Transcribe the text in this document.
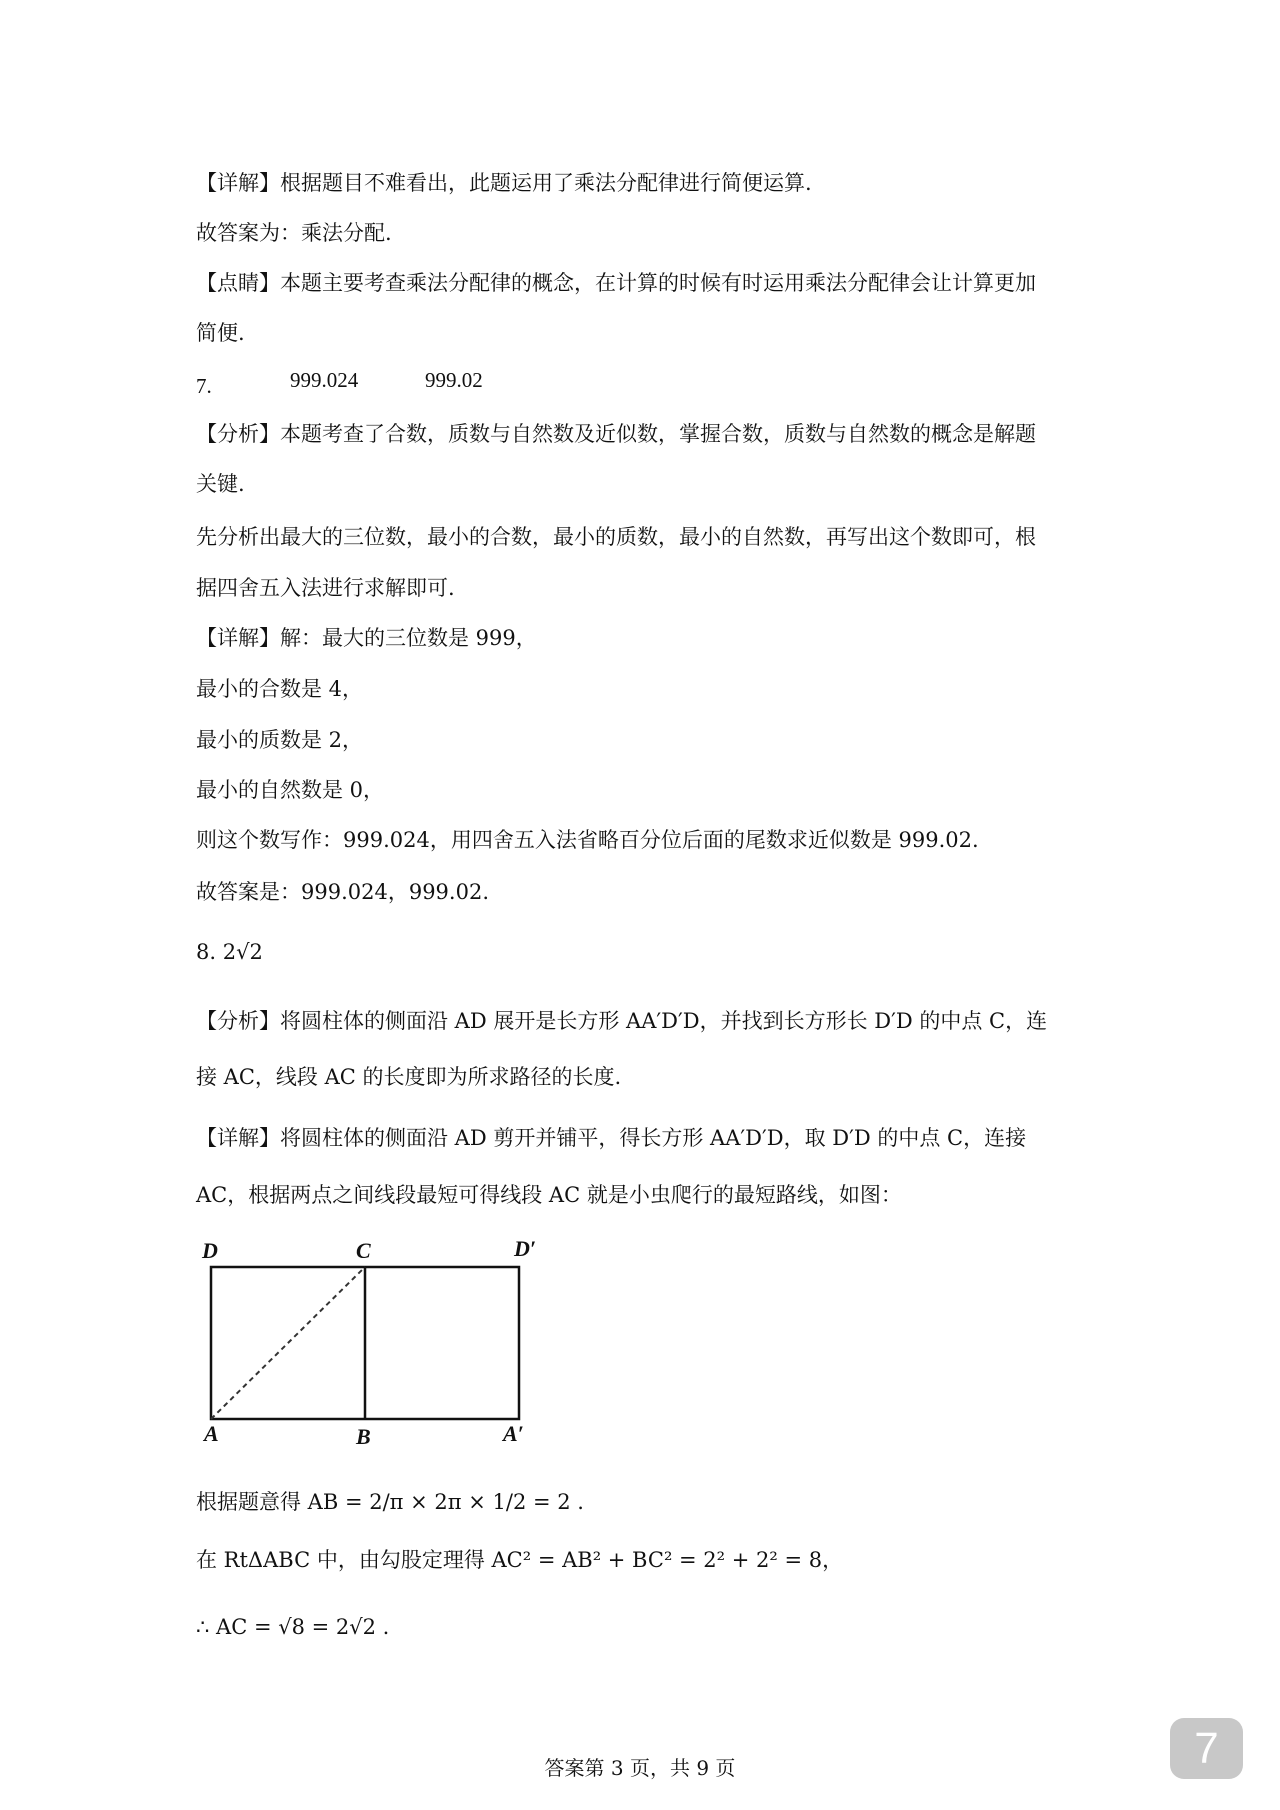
【详解】根据题目不难看出，此题运用了乘法分配律进行简便运算.
故答案为：乘法分配.
【点睛】本题主要考查乘法分配律的概念，在计算的时候有时运用乘法分配律会让计算更加
简便.
7.	999.024	999.02
【分析】本题考查了合数，质数与自然数及近似数，掌握合数，质数与自然数的概念是解题
关键.
先分析出最大的三位数，最小的合数，最小的质数，最小的自然数，再写出这个数即可，根
据四舍五入法进行求解即可.
【详解】解：最大的三位数是 999，
最小的合数是 4，
最小的质数是 2，
最小的自然数是 0，
则这个数写作：999.024，用四舍五入法省略百分位后面的尾数求近似数是 999.02.
故答案是：999.024，999.02.
8. 2√2
【分析】将圆柱体的侧面沿 AD 展开是长方形 AA′D′D，并找到长方形长 D′D 的中点 C，连
接 AC，线段 AC 的长度即为所求路径的长度.
【详解】将圆柱体的侧面沿 AD 剪开并铺平，得长方形 AA′D′D，取 D′D 的中点 C，连接
AC，根据两点之间线段最短可得线段 AC 就是小虫爬行的最短路线，如图：
D	C	D′
A	B	A′
根据题意得 AB = 2/π × 2π × 1/2 = 2 .
在 RtΔABC 中，由勾股定理得 AC² = AB² + BC² = 2² + 2² = 8，
∴ AC = √8 = 2√2 .
答案第 3 页，共 9 页	7
